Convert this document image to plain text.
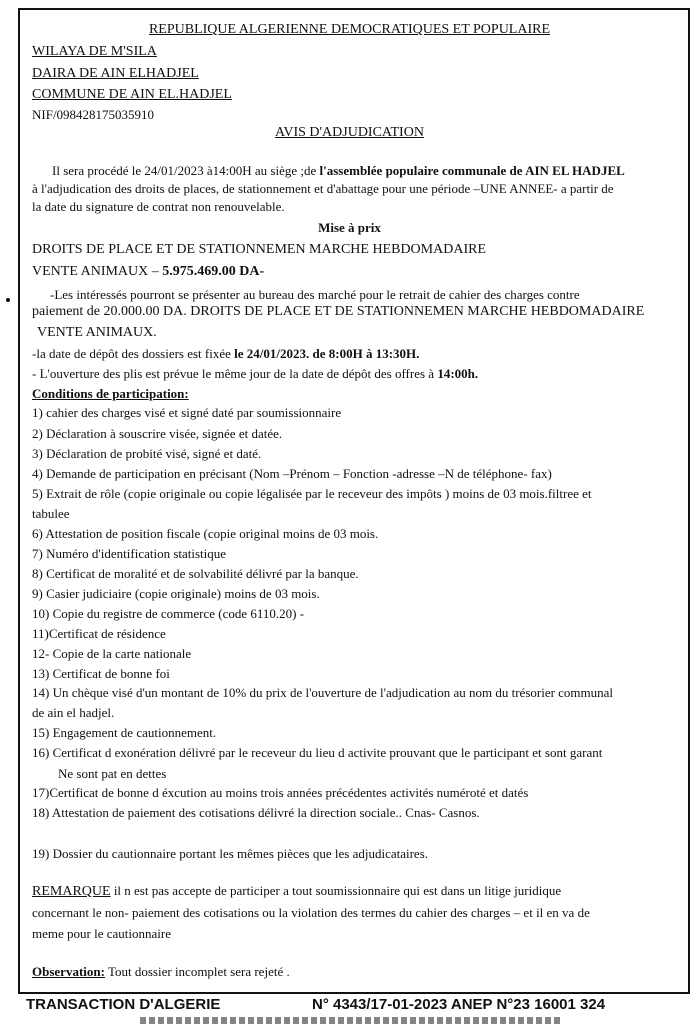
REPUBLIQUE ALGERIENNE DEMOCRATIQUES ET POPULAIRE
WILAYA DE M'SILA
DAIRA DE AIN ELHADJEL
COMMUNE DE AIN EL.HADJEL
NIF/098428175035910
AVIS D'ADJUDICATION
Il sera procédé le 24/01/2023 à14:00H au siège ;de l'assemblée populaire communale de AIN EL HADJEL
à l'adjudication des droits de places, de stationnement et d'abattage pour une période –UNE ANNEE- a partir de
la date du signature de contrat non renouvelable.
Mise à prix
DROITS DE PLACE ET DE STATIONNEMEN MARCHE HEBDOMADAIRE
VENTE ANIMAUX – 5.975.469.00 DA-
-Les intéressés pourront se présenter au bureau des marché pour le retrait de cahier des charges contre
paiement de 20.000.00 DA. DROITS DE PLACE ET DE STATIONNEMEN MARCHE HEBDOMADAIRE
VENTE ANIMAUX.
-la date de dépôt des dossiers est fixée le 24/01/2023. de 8:00H à 13:30H.
- L'ouverture des plis est prévue le même jour de la date de dépôt des offres à 14:00h.
Conditions de participation:
1) cahier des charges visé et signé daté par soumissionnaire
2) Déclaration à souscrire visée, signée et datée.
3) Déclaration de probité visé, signé et daté.
4) Demande de participation en précisant (Nom –Prénom – Fonction -adresse –N de téléphone- fax)
5) Extrait de rôle (copie originale ou copie légalisée par le receveur des impôts ) moins de 03 mois.filtree et
tabulee
6) Attestation de position fiscale (copie original moins de 03 mois.
7) Numéro d'identification statistique
8) Certificat de moralité et de solvabilité délivré par la banque.
9) Casier judiciaire (copie originale) moins de 03 mois.
10) Copie du registre de commerce (code 6110.20) -
11)Certificat de résidence
12- Copie de la carte nationale
13) Certificat de bonne foi
14) Un chèque visé d'un montant de 10% du prix de l'ouverture de l'adjudication au nom du trésorier communal
de ain el hadjel.
15) Engagement de cautionnement.
16) Certificat d exonération délivré par le receveur du lieu d activite prouvant que le participant et sont garant
Ne sont pat en dettes
17)Certificat de bonne d éxcution au moins trois années précédentes activités numéroté et datés
18) Attestation de paiement des cotisations délivré la direction sociale.. Cnas- Casnos.
19) Dossier du cautionnaire portant les mêmes pièces que les adjudicataires.
REMARQUE il n est pas accepte de participer a tout soumissionnaire qui est dans un litige juridique
concernant le non- paiement des cotisations ou la violation des termes du cahier des charges – et il en va de
meme pour le cautionnaire
Observation: Tout dossier incomplet sera rejeté .
TRANSACTION D'ALGERIE	N° 4343/17-01-2023 ANEP N°23 16001 324
